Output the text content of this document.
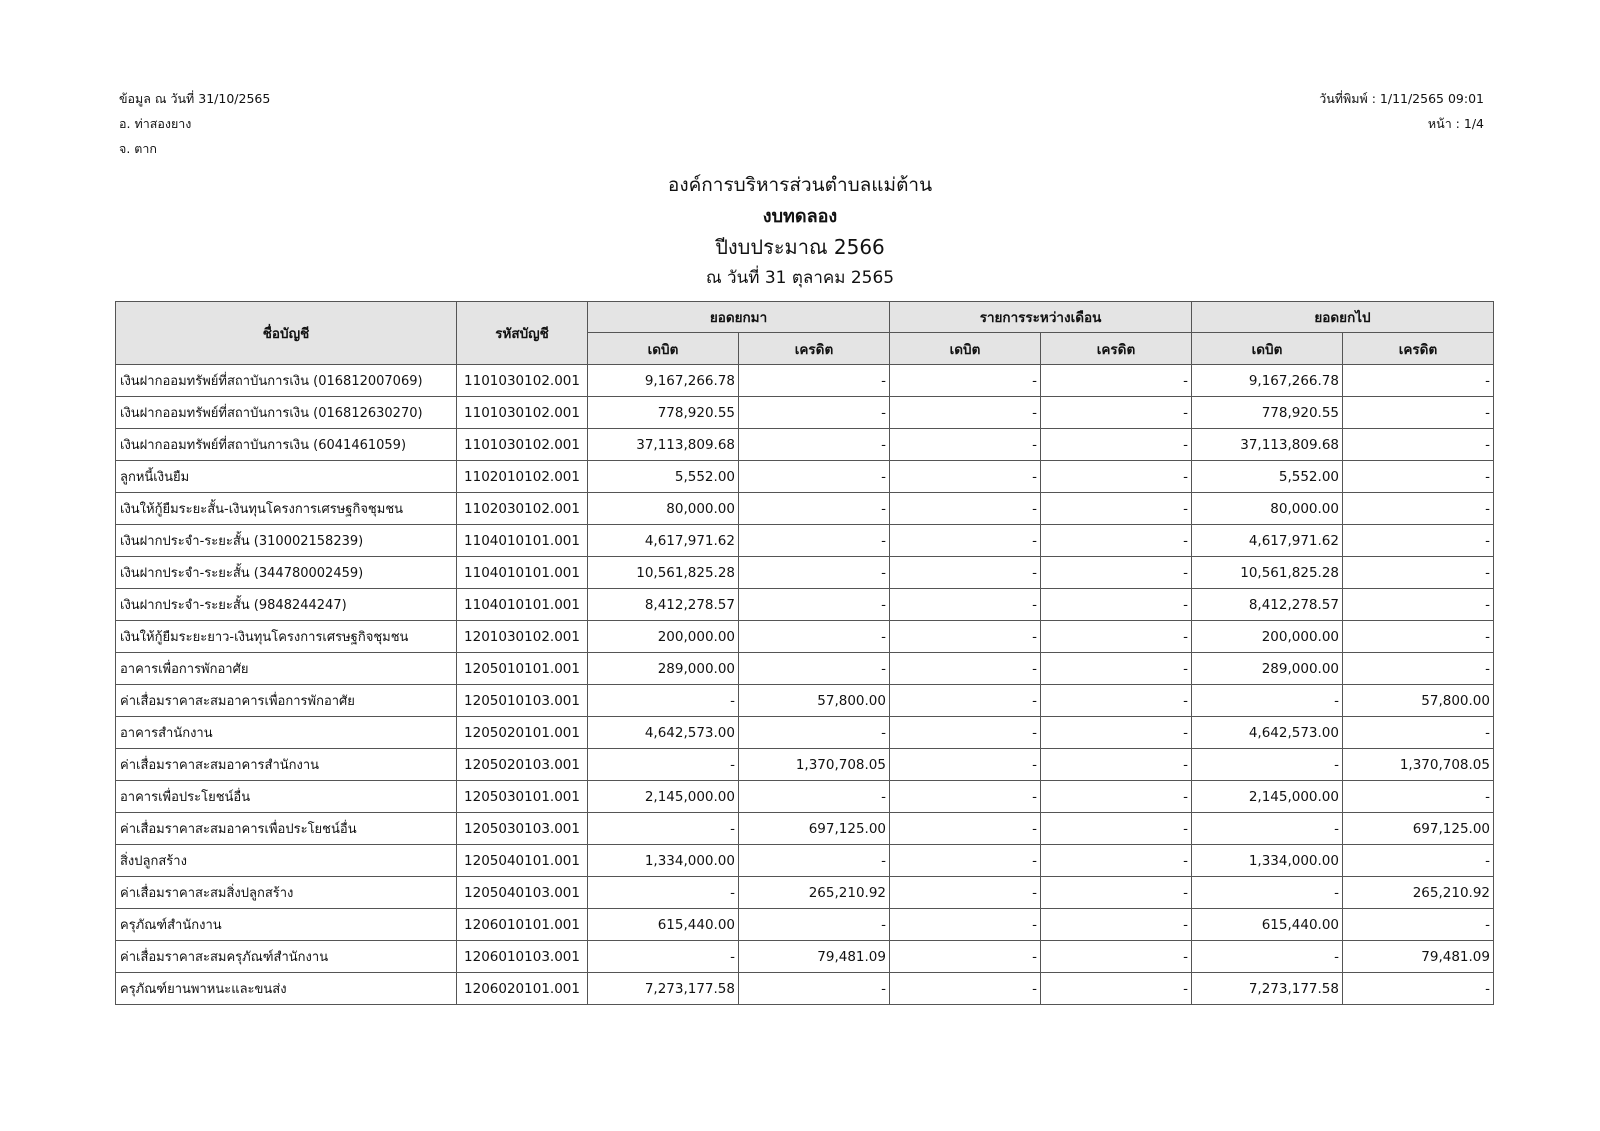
ข้อมูล ณ วันที่ 31/10/2565
อ. ท่าสองยาง
จ. ตาก
วันที่พิมพ์ : 1/11/2565 09:01
หน้า : 1/4
องค์การบริหารส่วนตำบลแม่ต้าน
งบทดลอง
ปีงบประมาณ 2566
ณ วันที่ 31 ตุลาคม 2565
ชื่อบัญชี	รหัสบัญชี	ยอดยกมา		รายการระหว่างเดือน		ยอดยกไป	
		เดบิต	เครดิต	เดบิต	เครดิต	เดบิต	เครดิต
เงินฝากออมทรัพย์ที่สถาบันการเงิน (016812007069)	1101030102.001	9,167,266.78	-	-	-	9,167,266.78	-
เงินฝากออมทรัพย์ที่สถาบันการเงิน (016812630270)	1101030102.001	778,920.55	-	-	-	778,920.55	-
เงินฝากออมทรัพย์ที่สถาบันการเงิน (6041461059)	1101030102.001	37,113,809.68	-	-	-	37,113,809.68	-
ลูกหนี้เงินยืม	1102010102.001	5,552.00	-	-	-	5,552.00	-
เงินให้กู้ยืมระยะสั้น-เงินทุนโครงการเศรษฐกิจชุมชน	1102030102.001	80,000.00	-	-	-	80,000.00	-
เงินฝากประจำ-ระยะสั้น (310002158239)	1104010101.001	4,617,971.62	-	-	-	4,617,971.62	-
เงินฝากประจำ-ระยะสั้น (344780002459)	1104010101.001	10,561,825.28	-	-	-	10,561,825.28	-
เงินฝากประจำ-ระยะสั้น (9848244247)	1104010101.001	8,412,278.57	-	-	-	8,412,278.57	-
เงินให้กู้ยืมระยะยาว-เงินทุนโครงการเศรษฐกิจชุมชน	1201030102.001	200,000.00	-	-	-	200,000.00	-
อาคารเพื่อการพักอาศัย	1205010101.001	289,000.00	-	-	-	289,000.00	-
ค่าเสื่อมราคาสะสมอาคารเพื่อการพักอาศัย	1205010103.001	-	57,800.00	-	-	-	57,800.00
อาคารสำนักงาน	1205020101.001	4,642,573.00	-	-	-	4,642,573.00	-
ค่าเสื่อมราคาสะสมอาคารสำนักงาน	1205020103.001	-	1,370,708.05	-	-	-	1,370,708.05
อาคารเพื่อประโยชน์อื่น	1205030101.001	2,145,000.00	-	-	-	2,145,000.00	-
ค่าเสื่อมราคาสะสมอาคารเพื่อประโยชน์อื่น	1205030103.001	-	697,125.00	-	-	-	697,125.00
สิ่งปลูกสร้าง	1205040101.001	1,334,000.00	-	-	-	1,334,000.00	-
ค่าเสื่อมราคาสะสมสิ่งปลูกสร้าง	1205040103.001	-	265,210.92	-	-	-	265,210.92
ครุภัณฑ์สำนักงาน	1206010101.001	615,440.00	-	-	-	615,440.00	-
ค่าเสื่อมราคาสะสมครุภัณฑ์สำนักงาน	1206010103.001	-	79,481.09	-	-	-	79,481.09
ครุภัณฑ์ยานพาหนะและขนส่ง	1206020101.001	7,273,177.58	-	-	-	7,273,177.58	-
